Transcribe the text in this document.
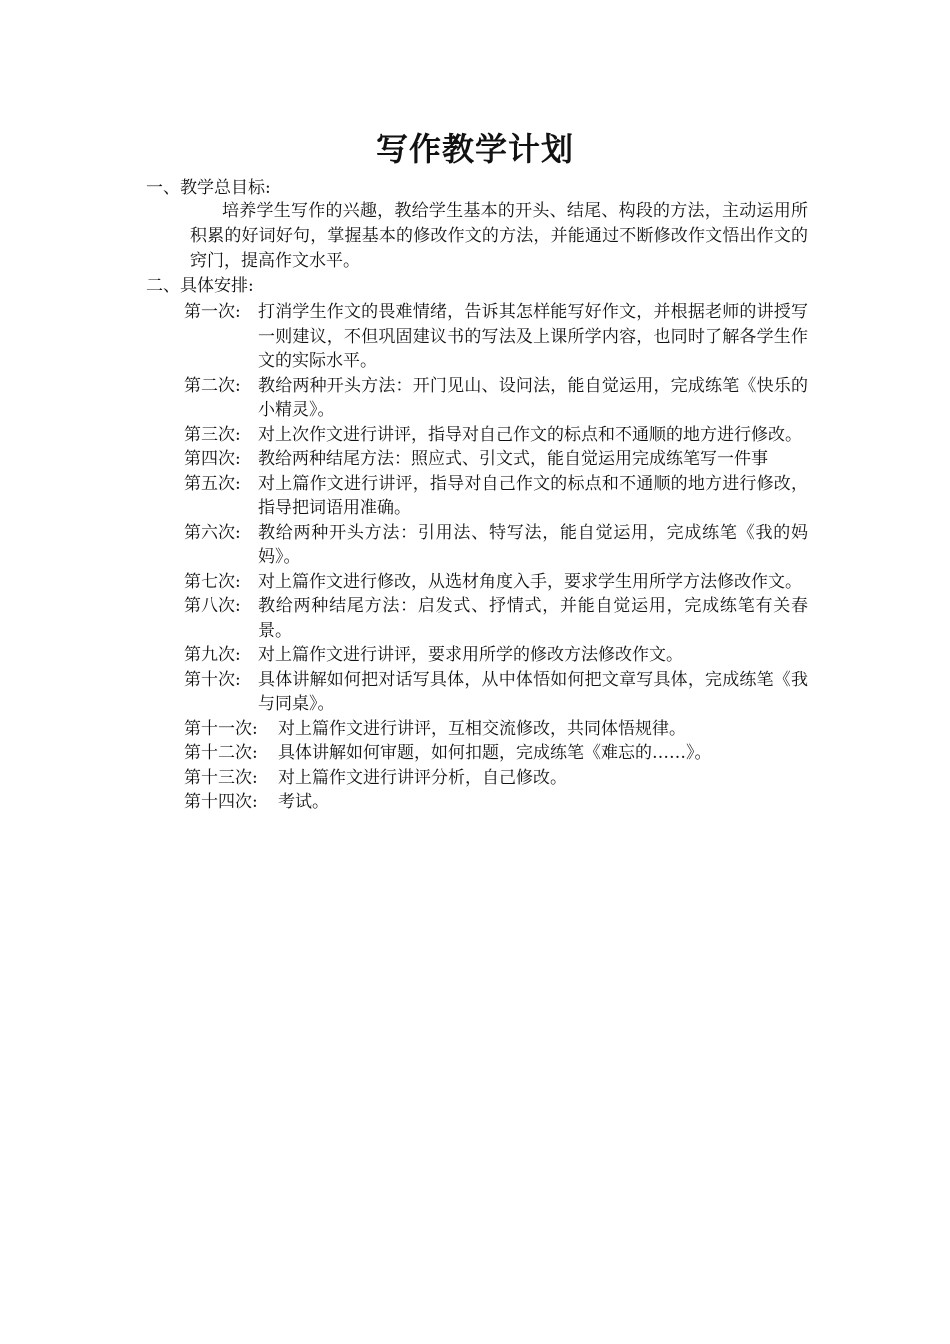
写作教学计划
一、教学总目标:

培养学生写作的兴趣，教给学生基本的开头、结尾、构段的方法，主动运用所积累的好词好句，掌握基本的修改作文的方法，并能通过不断修改作文悟出作文的窍门，提高作文水平。

二、具体安排:
第一次:	打消学生作文的畏难情绪，告诉其怎样能写好作文，并根据老师的讲授写一则建议，不但巩固建议书的写法及上课所学内容，也同时了解各学生作文的实际水平。
第二次:	教给两种开头方法：开门见山、设问法，能自觉运用，完成练笔《快乐的小精灵》。
第三次:	对上次作文进行讲评，指导对自己作文的标点和不通顺的地方进行修改。
第四次:	教给两种结尾方法：照应式、引文式，能自觉运用完成练笔写一件事
第五次:	对上篇作文进行讲评，指导对自己作文的标点和不通顺的地方进行修改，指导把词语用准确。
第六次:	教给两种开头方法：引用法、特写法，能自觉运用，完成练笔《我的妈妈》。
第七次:	对上篇作文进行修改，从选材角度入手，要求学生用所学方法修改作文。
第八次:	教给两种结尾方法：启发式、抒情式，并能自觉运用，完成练笔有关春景。
第九次:	对上篇作文进行讲评，要求用所学的修改方法修改作文。
第十次:	具体讲解如何把对话写具体，从中体悟如何把文章写具体，完成练笔《我与同桌》。
第十一次:	对上篇作文进行讲评，互相交流修改，共同体悟规律。
第十二次:	具体讲解如何审题，如何扣题，完成练笔《难忘的……》。
第十三次:	对上篇作文进行讲评分析，自己修改。
第十四次:	考试。
